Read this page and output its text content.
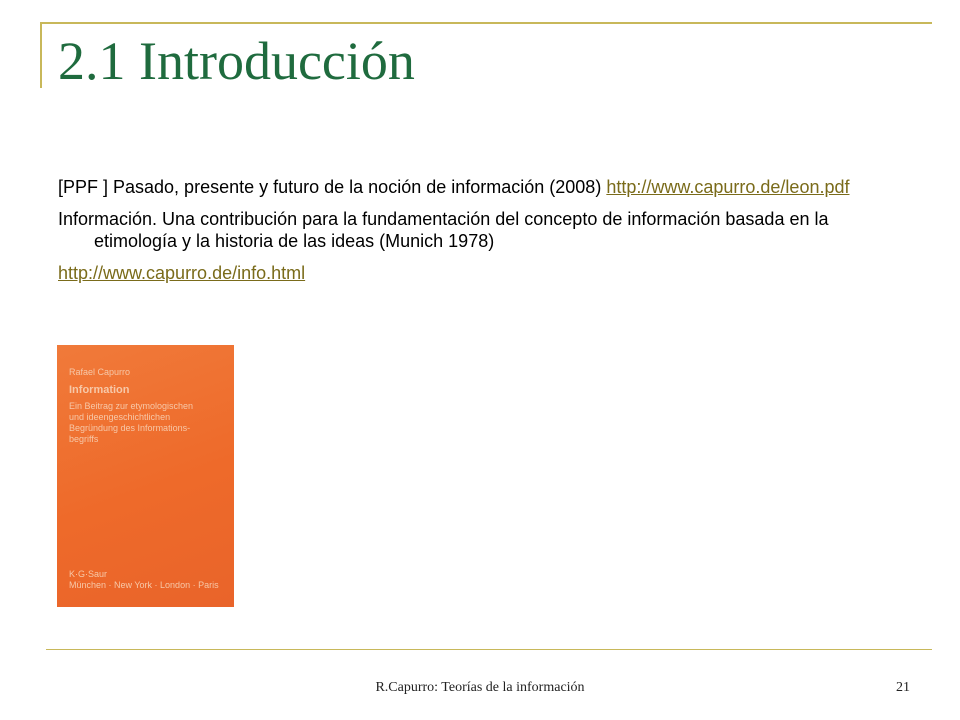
2.1 Introducción

[PPF ] Pasado, presente y futuro de la noción de información (2008) http://www.capurro.de/leon.pdf

Información. Una contribución para la fundamentación del concepto de información basada en la etimología y la historia de las ideas (Munich 1978)

http://www.capurro.de/info.html

Rafael Capurro
Information
Ein Beitrag zur etymologischen
und ideengeschichtlichen
Begründung des Informations-
begriffs
K·G·Saur
München · New York · London · Paris
R.Capurro: Teorías de la información	21
